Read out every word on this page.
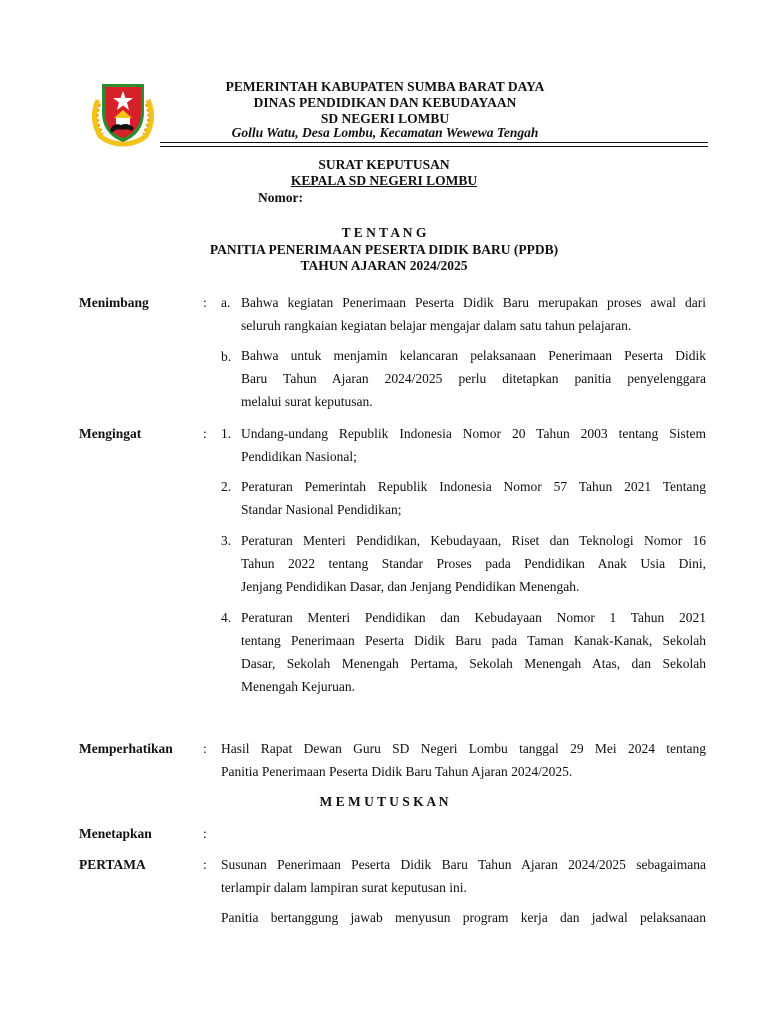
PEMERINTAH KABUPATEN SUMBA BARAT DAYA
DINAS PENDIDIKAN DAN KEBUDAYAAN
SD NEGERI LOMBU
Gollu Watu, Desa Lombu, Kecamatan Wewewa Tengah
SURAT KEPUTUSAN
KEPALA SD NEGERI LOMBU
Nomor:
T E N T A N G
PANITIA PENERIMAAN PESERTA DIDIK BARU (PPDB)
TAHUN AJARAN 2024/2025
Menimbang	: a. Bahwa kegiatan Penerimaan Peserta Didik Baru merupakan proses awal dari
seluruh rangkaian kegiatan belajar mengajar dalam satu tahun pelajaran.
b. Bahwa untuk menjamin kelancaran pelaksanaan Penerimaan Peserta Didik
Baru Tahun Ajaran 2024/2025 perlu ditetapkan panitia penyelenggara
melalui surat keputusan.
Mengingat	: 1. Undang-undang Republik Indonesia Nomor 20 Tahun 2003 tentang Sistem
Pendidikan Nasional;
2. Peraturan Pemerintah Republik Indonesia Nomor 57 Tahun 2021 Tentang
Standar Nasional Pendidikan;
3. Peraturan Menteri Pendidikan, Kebudayaan, Riset dan Teknologi Nomor 16
Tahun 2022 tentang Standar Proses pada Pendidikan Anak Usia Dini,
Jenjang Pendidikan Dasar, dan Jenjang Pendidikan Menengah.
4. Peraturan Menteri Pendidikan dan Kebudayaan Nomor 1 Tahun 2021
tentang Penerimaan Peserta Didik Baru pada Taman Kanak-Kanak, Sekolah
Dasar, Sekolah Menengah Pertama, Sekolah Menengah Atas, dan Sekolah
Menengah Kejuruan.
Memperhatikan : Hasil Rapat Dewan Guru SD Negeri Lombu tanggal 29 Mei 2024 tentang
Panitia Penerimaan Peserta Didik Baru Tahun Ajaran 2024/2025.
M E M U T U S K A N
Menetapkan	:
PERTAMA	: Susunan Penerimaan Peserta Didik Baru Tahun Ajaran 2024/2025 sebagaimana
terlampir dalam lampiran surat keputusan ini.
Panitia bertanggung jawab menyusun program kerja dan jadwal pelaksanaan
